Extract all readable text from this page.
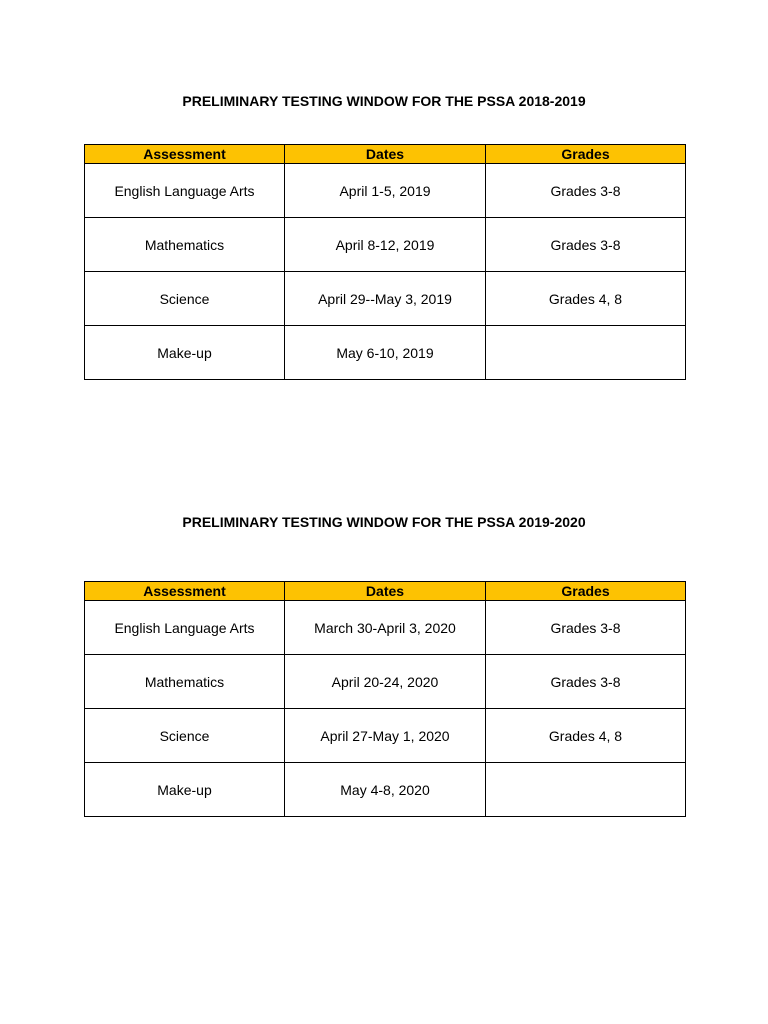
PRELIMINARY TESTING WINDOW FOR THE PSSA 2018-2019
Assessment	Dates	Grades
English Language Arts	April 1-5, 2019	Grades 3-8
Mathematics	April 8-12, 2019	Grades 3-8
Science	April 29--May 3, 2019	Grades 4, 8
Make-up	May 6-10, 2019	
PRELIMINARY TESTING WINDOW FOR THE PSSA 2019-2020
Assessment	Dates	Grades
English Language Arts	March 30-April 3, 2020	Grades 3-8
Mathematics	April 20-24, 2020	Grades 3-8
Science	April 27-May 1, 2020	Grades 4, 8
Make-up	May 4-8, 2020	
